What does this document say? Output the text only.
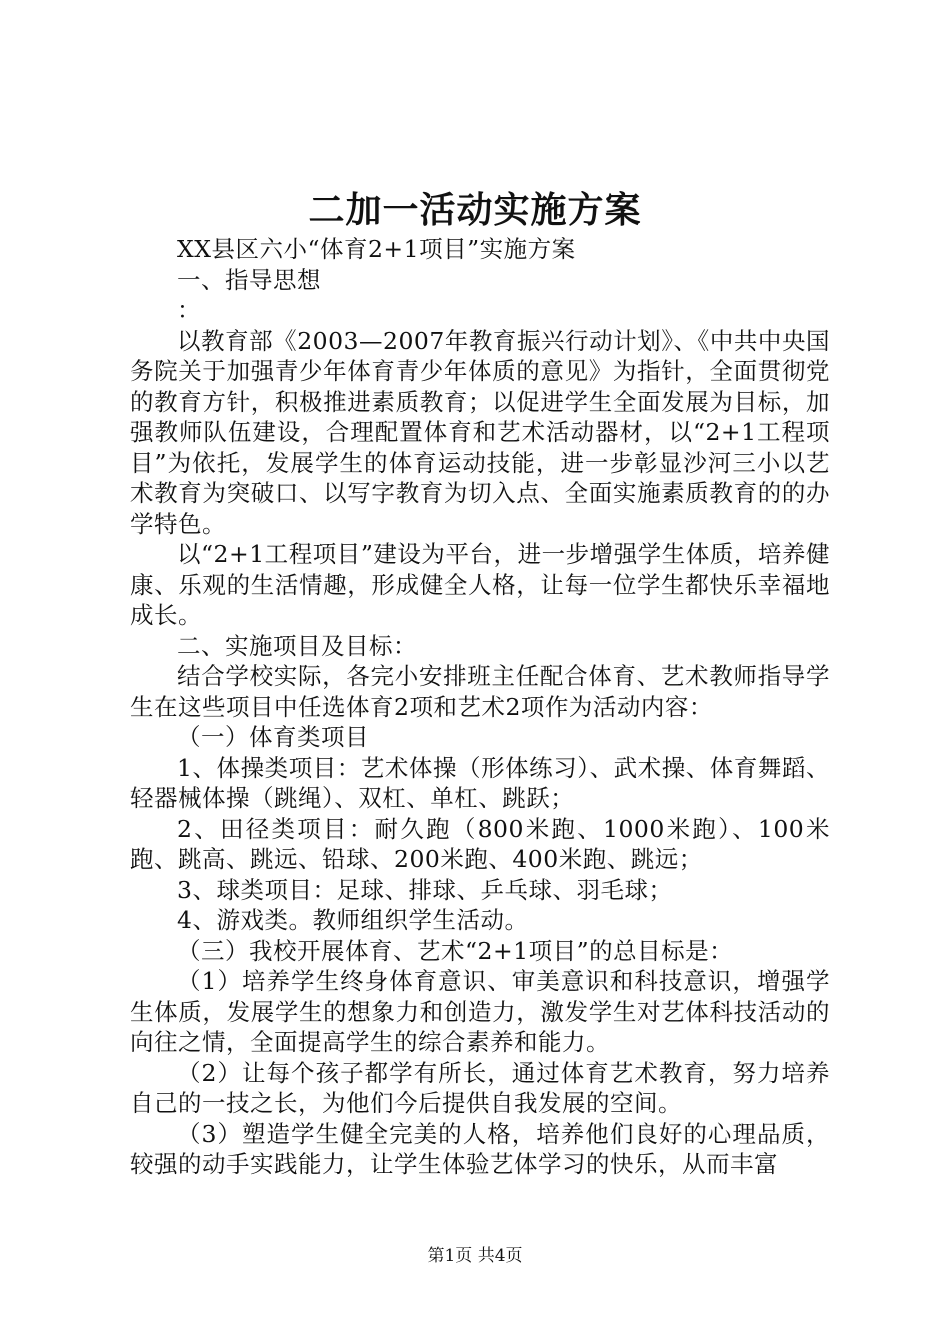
二加一活动实施方案

XX县区六小“体育2+1项目”实施方案

一、指导思想

：

以教育部《2003—2007年教育振兴行动计划》、《中共中央国务院关于加强青少年体育青少年体质的意见》为指针，全面贯彻党的教育方针，积极推进素质教育；以促进学生全面发展为目标，加强教师队伍建设，合理配置体育和艺术活动器材，以“2+1工程项目”为依托，发展学生的体育运动技能，进一步彰显沙河三小以艺术教育为突破口、以写字教育为切入点、全面实施素质教育的的办学特色。

以“2+1工程项目”建设为平台，进一步增强学生体质，培养健康、乐观的生活情趣，形成健全人格，让每一位学生都快乐幸福地成长。

二、实施项目及目标：

结合学校实际，各完小安排班主任配合体育、艺术教师指导学生在这些项目中任选体育2项和艺术2项作为活动内容：

（一）体育类项目

1、体操类项目：艺术体操（形体练习）、武术操、体育舞蹈、轻器械体操（跳绳）、双杠、单杠、跳跃；

2、田径类项目：耐久跑（800米跑、1000米跑）、100米跑、跳高、跳远、铅球、200米跑、400米跑、跳远；

3、球类项目：足球、排球、乒乓球、羽毛球；

4、游戏类。教师组织学生活动。

（三）我校开展体育、艺术“2+1项目”的总目标是：

（1）培养学生终身体育意识、审美意识和科技意识，增强学生体质，发展学生的想象力和创造力，激发学生对艺体科技活动的向往之情，全面提高学生的综合素养和能力。

（2）让每个孩子都学有所长，通过体育艺术教育，努力培养自己的一技之长，为他们今后提供自我发展的空间。

（3）塑造学生健全完美的人格，培养他们良好的心理品质，较强的动手实践能力，让学生体验艺体学习的快乐，从而丰富

第1页 共4页
